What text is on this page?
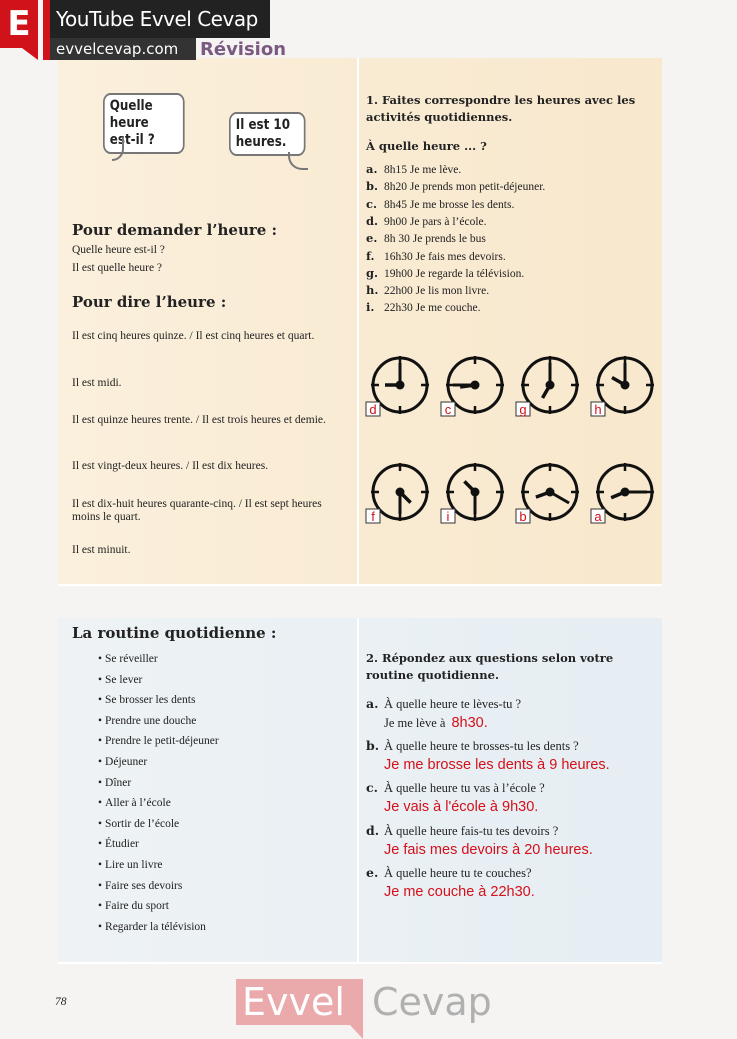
E	YouTube Evvel Cevap
evvelcevap.com	Révision
Quelle heure est-il ?
Il est 10 heures.
Pour demander l’heure :
Quelle heure est-il ?
Il est quelle heure ?
Pour dire l’heure :
Il est cinq heures quinze. / Il est cinq heures et quart.
Il est midi.
Il est quinze heures trente. / Il est trois heures et demie.
Il est vingt-deux heures. / Il est dix heures.
Il est dix-huit heures quarante-cinq. / Il est sept heures moins le quart.
Il est minuit.
1. Faites correspondre les heures avec les activités quotidiennes.
À quelle heure ... ?
a. 8h15 Je me lève.
b. 8h20 Je prends mon petit-déjeuner.
c. 8h45 Je me brosse les dents.
d. 9h00 Je pars à l’école.
e. 8h 30 Je prends le bus
f. 16h30 Je fais mes devoirs.
g. 19h00 Je regarde la télévision.
h. 22h00 Je lis mon livre.
i. 22h30 Je me couche.
d	c	g	h
f	i	b	a
La routine quotidienne :
• Se réveiller
• Se lever
• Se brosser les dents
• Prendre une douche
• Prendre le petit-déjeuner
• Déjeuner
• Dîner
• Aller à l’école
• Sortir de l’école
• Étudier
• Lire un livre
• Faire ses devoirs
• Faire du sport
• Regarder la télévision
2. Répondez aux questions selon votre routine quotidienne.
a. À quelle heure te lèves-tu ?
Je me lève à 8h30.
b. À quelle heure te brosses-tu les dents ?
Je me brosse les dents à 9 heures.
c. À quelle heure tu vas à l’école ?
Je vais à l'école à 9h30.
d. À quelle heure fais-tu tes devoirs ?
Je fais mes devoirs à 20 heures.
e. À quelle heure tu te couches?
Je me couche à 22h30.
78	Evvel Cevap
